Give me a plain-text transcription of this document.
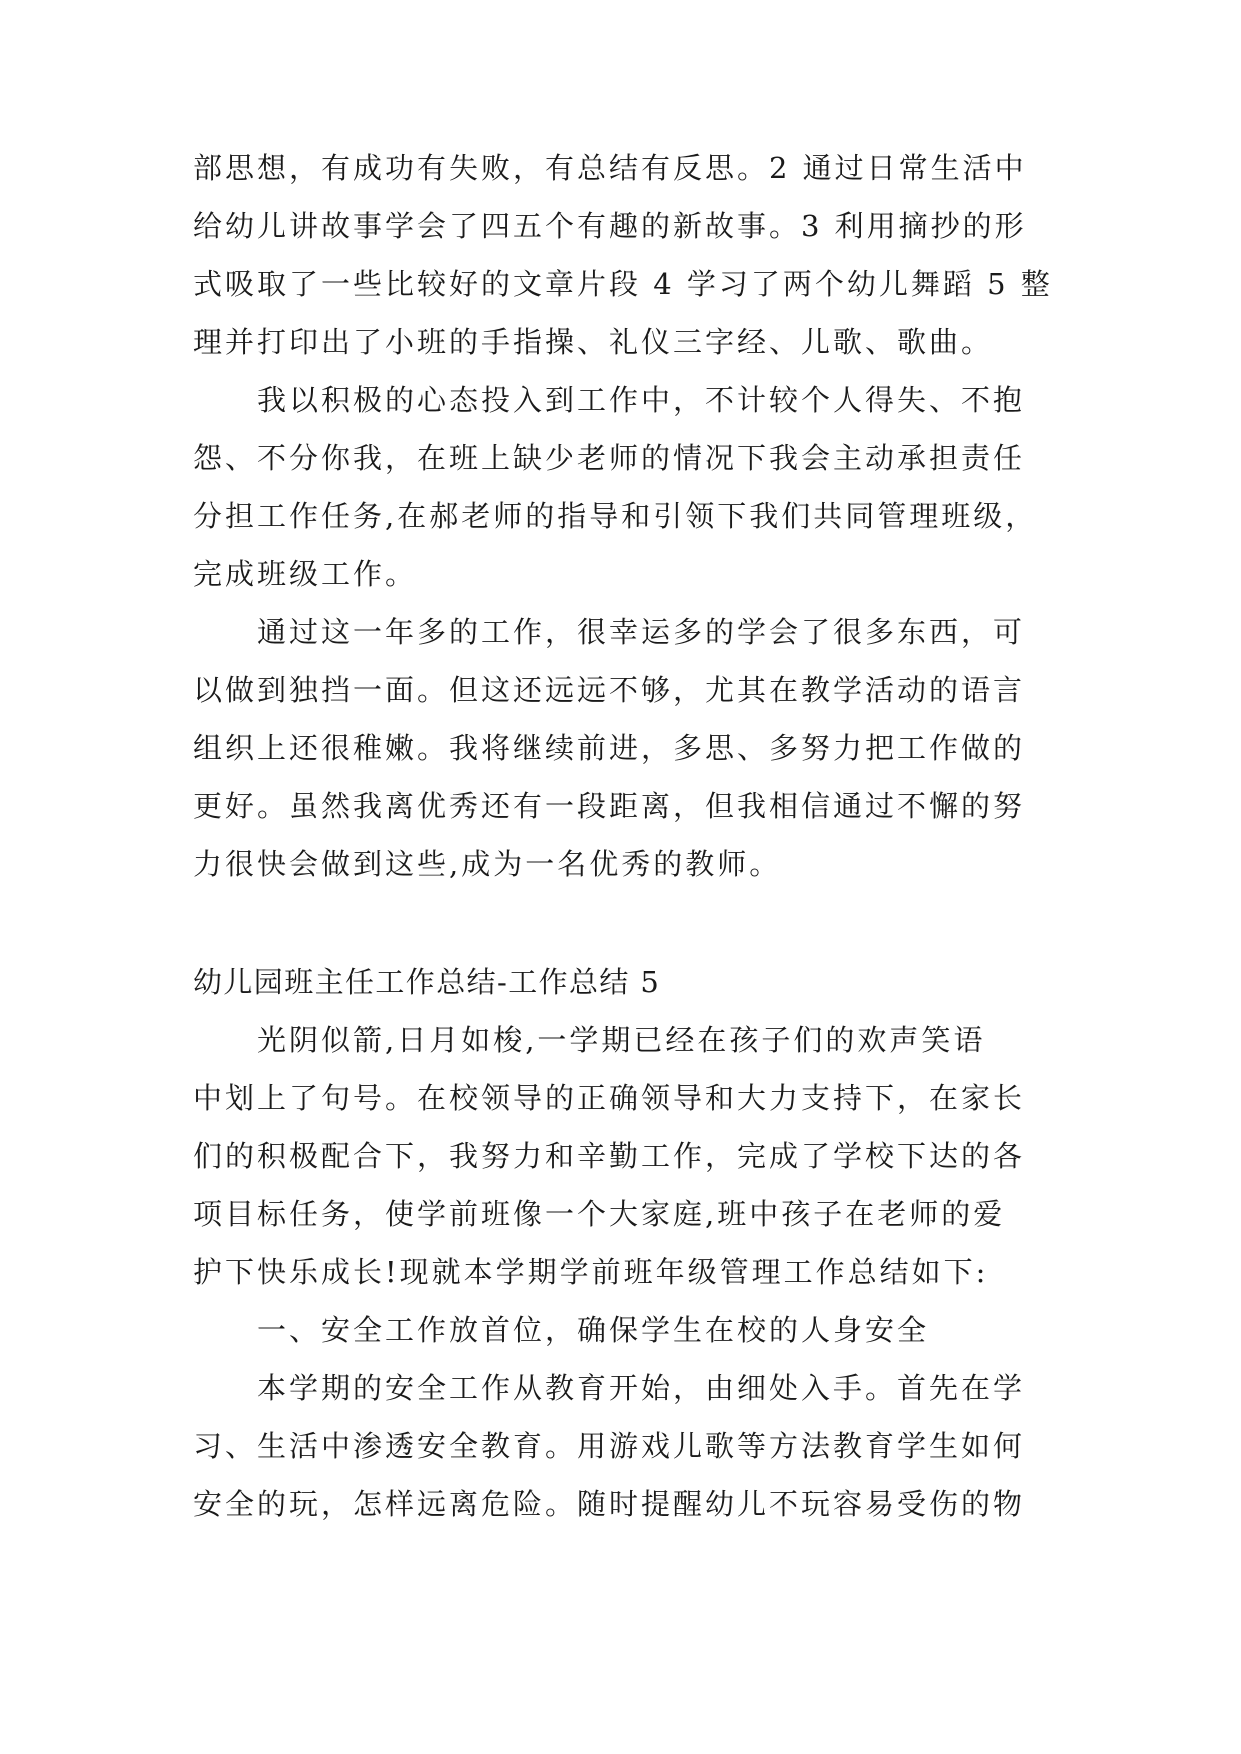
部思想，有成功有失败，有总结有反思。2 通过日常生活中
给幼儿讲故事学会了四五个有趣的新故事。3 利用摘抄的形
式吸取了一些比较好的文章片段 4 学习了两个幼儿舞蹈 5 整
理并打印出了小班的手指操、礼仪三字经、儿歌、歌曲。
我以积极的心态投入到工作中，不计较个人得失、不抱
怨、不分你我，在班上缺少老师的情况下我会主动承担责任
分担工作任务,在郝老师的指导和引领下我们共同管理班级，
完成班级工作。
通过这一年多的工作，很幸运多的学会了很多东西，可
以做到独挡一面。但这还远远不够，尤其在教学活动的语言
组织上还很稚嫩。我将继续前进，多思、多努力把工作做的
更好。虽然我离优秀还有一段距离，但我相信通过不懈的努
力很快会做到这些,成为一名优秀的教师。
幼儿园班主任工作总结-工作总结 5
光阴似箭,日月如梭,一学期已经在孩子们的欢声笑语
中划上了句号。在校领导的正确领导和大力支持下，在家长
们的积极配合下，我努力和辛勤工作，完成了学校下达的各
项目标任务，使学前班像一个大家庭,班中孩子在老师的爱
护下快乐成长!现就本学期学前班年级管理工作总结如下:
一、安全工作放首位，确保学生在校的人身安全
本学期的安全工作从教育开始，由细处入手。首先在学
习、生活中渗透安全教育。用游戏儿歌等方法教育学生如何
安全的玩，怎样远离危险。随时提醒幼儿不玩容易受伤的物
